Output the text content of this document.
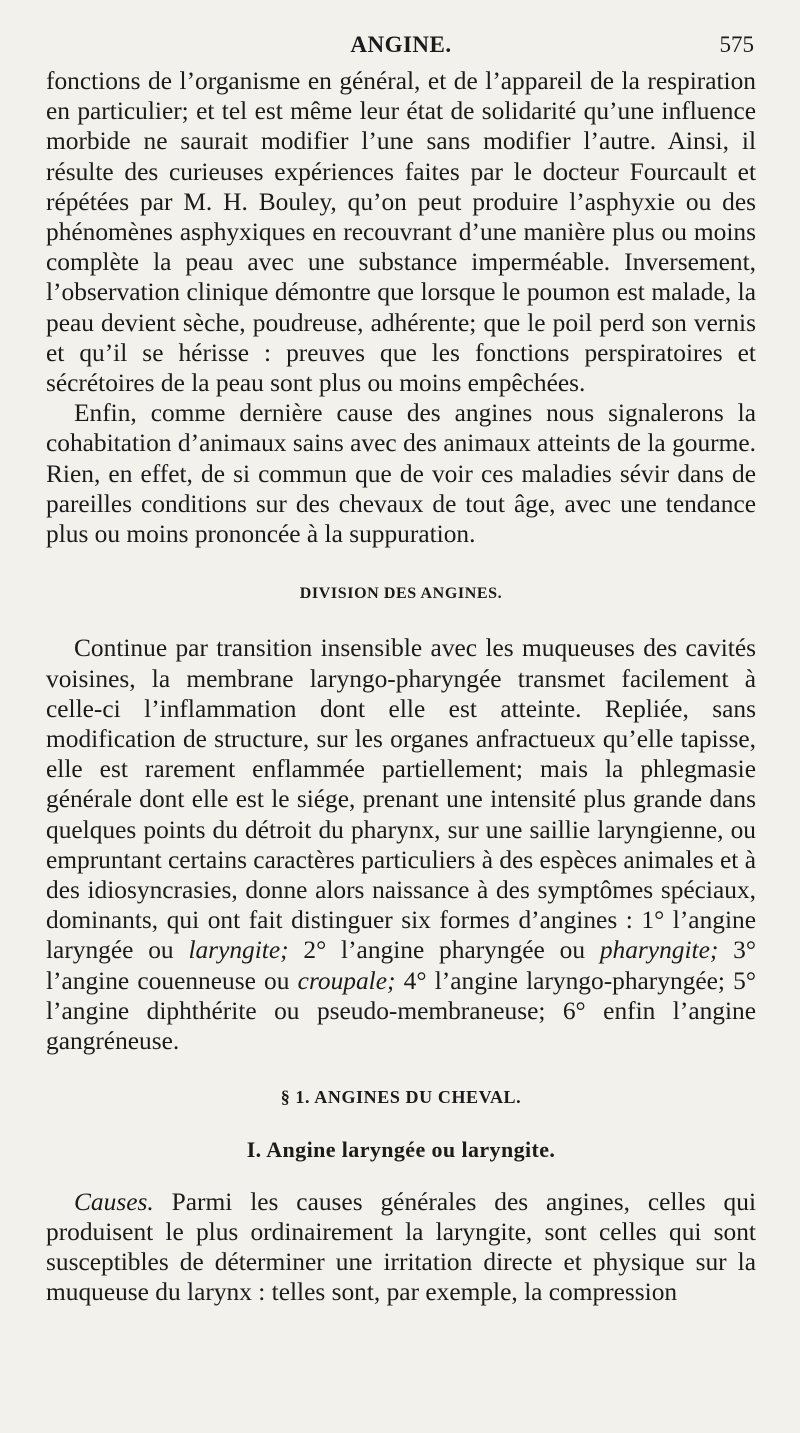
ANGINE.	575

fonctions de l’organisme en général, et de l’appareil de la respiration en particulier; et tel est même leur état de solidarité qu’une influence morbide ne saurait modifier l’une sans modifier l’autre. Ainsi, il résulte des curieuses expériences faites par le docteur Fourcault et répétées par M. H. Bouley, qu’on peut produire l’asphyxie ou des phénomènes asphyxiques en recouvrant d’une manière plus ou moins complète la peau avec une substance imperméable. Inversement, l’observation clinique démontre que lorsque le poumon est malade, la peau devient sèche, poudreuse, adhérente; que le poil perd son vernis et qu’il se hérisse : preuves que les fonctions perspiratoires et sécrétoires de la peau sont plus ou moins empêchées.

Enfin, comme dernière cause des angines nous signalerons la cohabitation d’animaux sains avec des animaux atteints de la gourme. Rien, en effet, de si commun que de voir ces maladies sévir dans de pareilles conditions sur des chevaux de tout âge, avec une tendance plus ou moins prononcée à la suppuration.

DIVISION DES ANGINES.

Continue par transition insensible avec les muqueuses des cavités voisines, la membrane laryngo-pharyngée transmet facilement à celle-ci l’inflammation dont elle est atteinte. Repliée, sans modification de structure, sur les organes anfractueux qu’elle tapisse, elle est rarement enflammée partiellement; mais la phlegmasie générale dont elle est le siége, prenant une intensité plus grande dans quelques points du détroit du pharynx, sur une saillie laryngienne, ou empruntant certains caractères particuliers à des espèces animales et à des idiosyncrasies, donne alors naissance à des symptômes spéciaux, dominants, qui ont fait distinguer six formes d’angines : 1° l’angine laryngée ou laryngite; 2° l’angine pharyngée ou pharyngite; 3° l’angine couenneuse ou croupale; 4° l’angine laryngo-pharyngée; 5° l’angine diphthérite ou pseudo-membraneuse; 6° enfin l’angine gangréneuse.

§ 1. ANGINES DU CHEVAL.
I. Angine laryngée ou laryngite.

Causes. Parmi les causes générales des angines, celles qui produisent le plus ordinairement la laryngite, sont celles qui sont susceptibles de déterminer une irritation directe et physique sur la muqueuse du larynx : telles sont, par exemple, la compression
